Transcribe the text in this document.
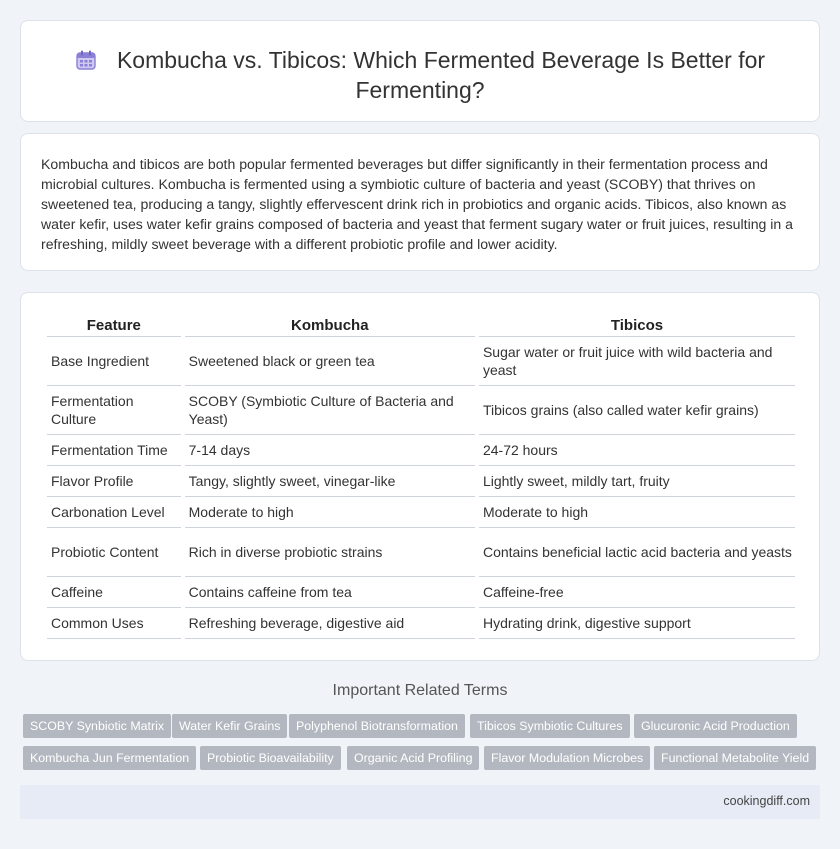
Kombucha vs. Tibicos: Which Fermented Beverage Is Better for Fermenting?

Kombucha and tibicos are both popular fermented beverages but differ significantly in their fermentation process and microbial cultures. Kombucha is fermented using a symbiotic culture of bacteria and yeast (SCOBY) that thrives on sweetened tea, producing a tangy, slightly effervescent drink rich in probiotics and organic acids. Tibicos, also known as water kefir, uses water kefir grains composed of bacteria and yeast that ferment sugary water or fruit juices, resulting in a refreshing, mildly sweet beverage with a different probiotic profile and lower acidity.

Feature	Kombucha	Tibicos
Base Ingredient	Sweetened black or green tea	Sugar water or fruit juice with wild bacteria and yeast
Fermentation Culture	SCOBY (Symbiotic Culture of Bacteria and Yeast)	Tibicos grains (also called water kefir grains)
Fermentation Time	7-14 days	24-72 hours
Flavor Profile	Tangy, slightly sweet, vinegar-like	Lightly sweet, mildly tart, fruity
Carbonation Level	Moderate to high	Moderate to high
Probiotic Content	Rich in diverse probiotic strains	Contains beneficial lactic acid bacteria and yeasts
Caffeine	Contains caffeine from tea	Caffeine-free
Common Uses	Refreshing beverage, digestive aid	Hydrating drink, digestive support
Important Related Terms
SCOBY Synbiotic Matrix	Water Kefir Grains	Polyphenol Biotransformation	Tibicos Symbiotic Cultures	Glucuronic Acid Production
Kombucha Jun Fermentation	Probiotic Bioavailability	Organic Acid Profiling	Flavor Modulation Microbes	Functional Metabolite Yield
cookingdiff.com
